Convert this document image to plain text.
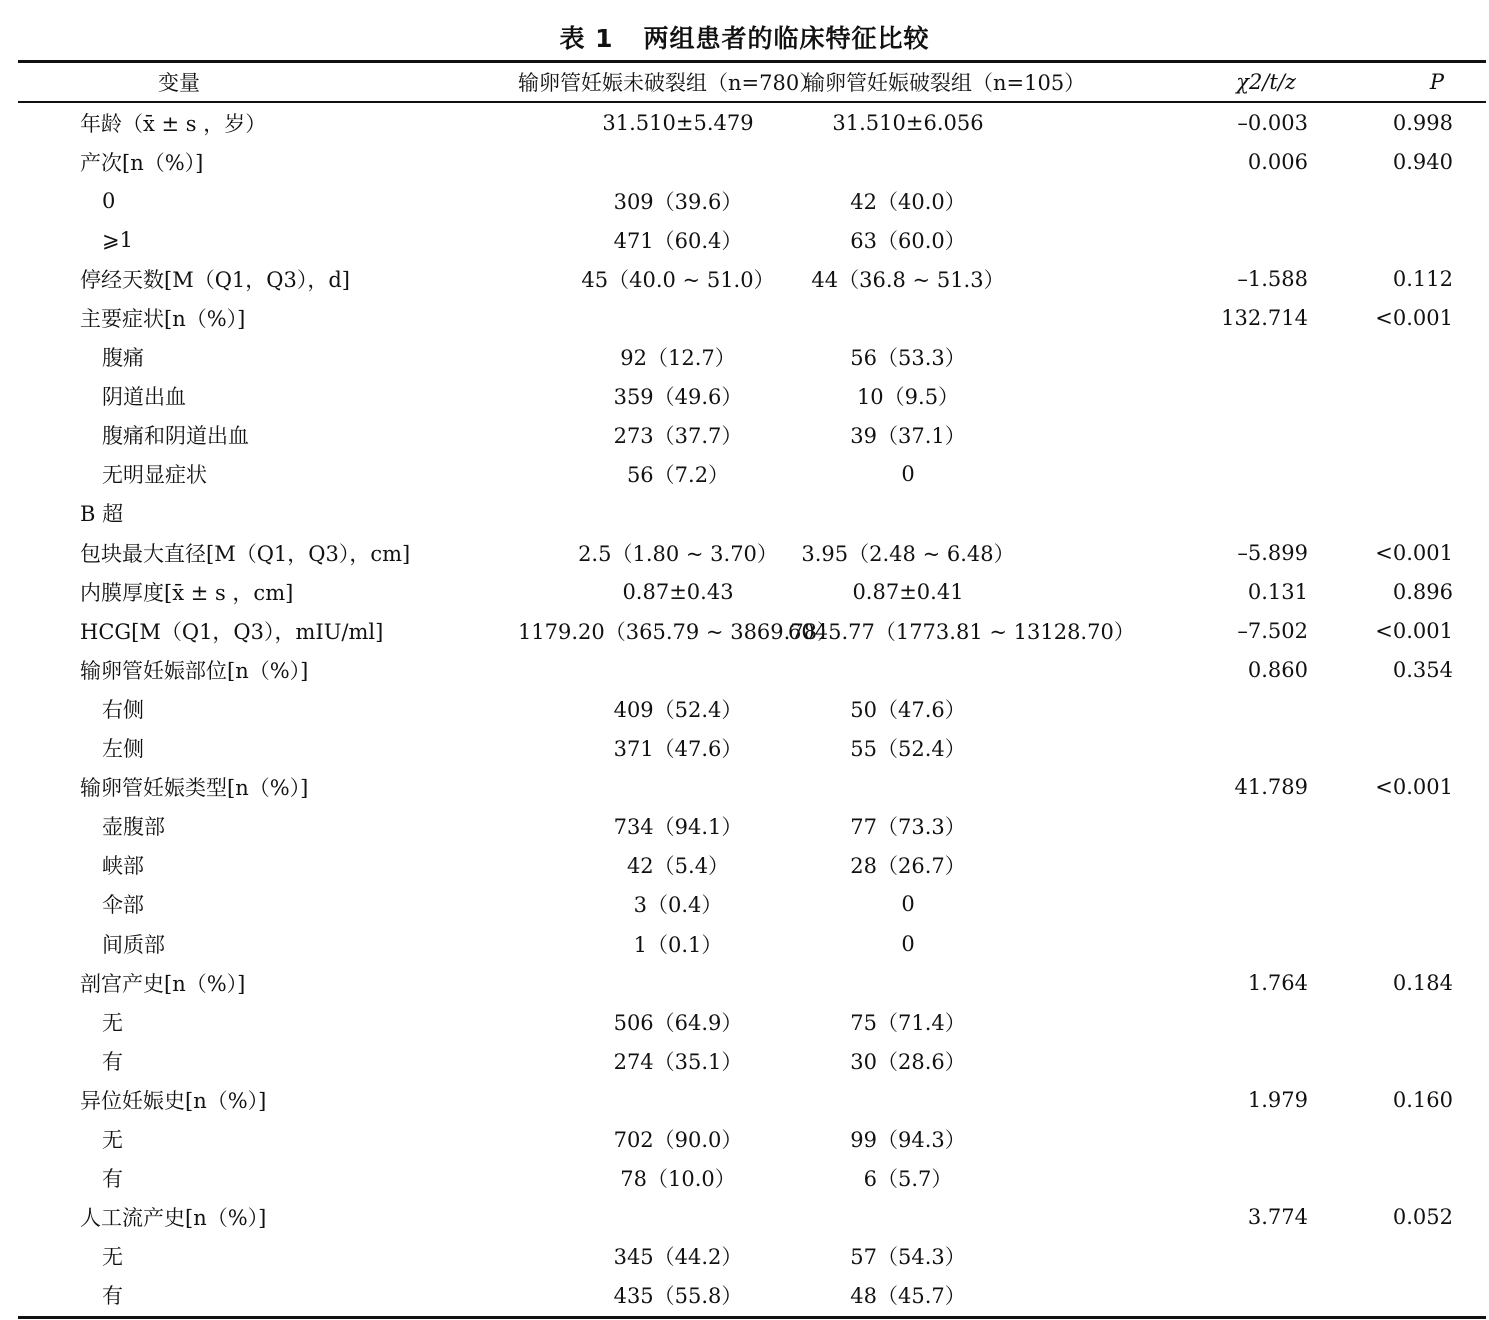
表 1 两组患者的临床特征比较
变量	输卵管妊娠未破裂组（n=780）	输卵管妊娠破裂组（n=105）	χ2/t/z	P
年龄（x̄ ± s ，岁）	31.510±5.479	31.510±6.056	–0.003	0.998
产次[n（%）]			0.006	0.940
0	309（39.6）	42（40.0）		
⩾1	471（60.4）	63（60.0）		
停经天数[M（Q1，Q3），d]	45（40.0 ~ 51.0）	44（36.8 ~ 51.3）	–1.588	0.112
主要症状[n（%）]			132.714	<0.001
腹痛	92（12.7）	56（53.3）		
阴道出血	359（49.6）	10（9.5）		
腹痛和阴道出血	273（37.7）	39（37.1）		
无明显症状	56（7.2）	0		
B 超				
包块最大直径[M（Q1，Q3），cm]	2.5（1.80 ~ 3.70）	3.95（2.48 ~ 6.48）	–5.899	<0.001
内膜厚度[x̄ ± s ，cm]	0.87±0.43	0.87±0.41	0.131	0.896
HCG[M（Q1，Q3），mIU/ml]	1179.20（365.79 ~ 3869.78）	6045.77（1773.81 ~ 13128.70）	–7.502	<0.001
输卵管妊娠部位[n（%）]			0.860	0.354
右侧	409（52.4）	50（47.6）		
左侧	371（47.6）	55（52.4）		
输卵管妊娠类型[n（%）]			41.789	<0.001
壶腹部	734（94.1）	77（73.3）		
峡部	42（5.4）	28（26.7）		
伞部	3（0.4）	0		
间质部	1（0.1）	0		
剖宫产史[n（%）]			1.764	0.184
无	506（64.9）	75（71.4）		
有	274（35.1）	30（28.6）		
异位妊娠史[n（%）]			1.979	0.160
无	702（90.0）	99（94.3）		
有	78（10.0）	6（5.7）		
人工流产史[n（%）]			3.774	0.052
无	345（44.2）	57（54.3）		
有	435（55.8）	48（45.7）		
